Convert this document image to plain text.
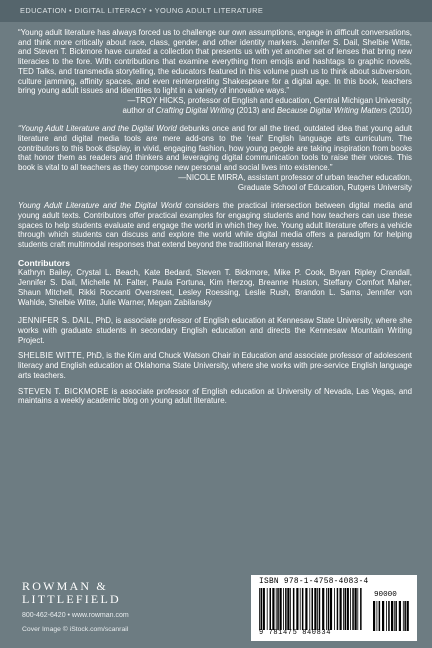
EDUCATION • DIGITAL LITERACY • YOUNG ADULT LITERATURE

“Young adult literature has always forced us to challenge our own assumptions, engage in difficult conversations, and think more critically about race, class, gender, and other identity markers. Jennifer S. Dail, Shelbie Witte, and Steven T. Bickmore have curated a collection that presents us with yet another set of lenses that bring new literacies to the fore. With contributions that examine everything from emojis and hashtags to graphic novels, TED Talks, and transmedia storytelling, the educators featured in this volume push us to think about subversion, culture jamming, affinity spaces, and even reinterpreting Shakespeare for a digital age. In this book, teachers bring young adult issues and identities to light in a variety of innovative ways.”

—TROY HICKS, professor of English and education, Central Michigan University;

author of Crafting Digital Writing (2013) and Because Digital Writing Matters (2010)

“Young Adult Literature and the Digital World debunks once and for all the tired, outdated idea that young adult literature and digital media tools are mere add-ons to the ‘real’ English language arts curriculum. The contributors to this book display, in vivid, engaging fashion, how young people are taking inspiration from books that honor them as readers and thinkers and leveraging digital communication tools to raise their voices. This book is vital to all teachers as they compose new personal and social lives into existence.”

—NICOLE MIRRA, assistant professor of urban teacher education,

Graduate School of Education, Rutgers University

Young Adult Literature and the Digital World considers the practical intersection between digital media and young adult texts. Contributors offer practical examples for engaging students and how teachers can use these spaces to help students evaluate and engage the world in which they live. Young adult literature offers a vehicle through which students can discuss and explore the world while digital media offers a paradigm for helping students craft multimodal responses that extend beyond the traditional literary essay.

Contributors

Kathryn Bailey, Crystal L. Beach, Kate Bedard, Steven T. Bickmore, Mike P. Cook, Bryan Ripley Crandall, Jennifer S. Dail, Michelle M. Falter, Paula Fortuna, Kim Herzog, Breanne Huston, Steffany Comfort Maher, Shaun Mitchell, Rikki Roccanti Overstreet, Lesley Roessing, Leslie Rush, Brandon L. Sams, Jennifer von Wahlde, Shelbie Witte, Julie Warner, Megan Zabilansky

JENNIFER S. DAIL, PhD, is associate professor of English education at Kennesaw State University, where she works with graduate students in secondary English education and directs the Kennesaw Mountain Writing Project.

SHELBIE WITTE, PhD, is the Kim and Chuck Watson Chair in Education and associate professor of adolescent literacy and English education at Oklahoma State University, where she works with pre-service English language arts teachers.

STEVEN T. BICKMORE is associate professor of English education at University of Nevada, Las Vegas, and maintains a weekly academic blog on young adult literature.

ROWMAN &
LITTLEFIELD
800-462-6420 • www.rowman.com
Cover Image © iStock.com/scanrail
ISBN 978-1-4758-4083-4
90000
9 781475 840834
